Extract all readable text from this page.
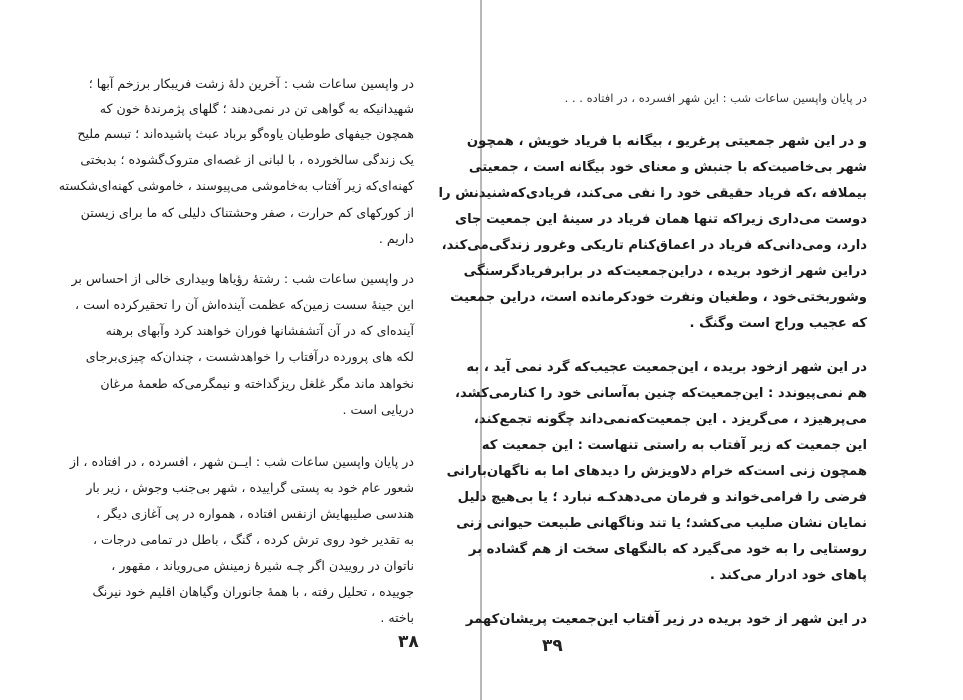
در واپسین ساعات شب : آخرین دلهٔ زشت فریبکار برزخم آبها ؛

شهیدانیکه به گواهی تن در نمی‌دهند ؛ گلهای پژمرندهٔ خون که

همچون جیفهای طوطیان یاوه‌گو برباد عبث پاشیده‌اند ؛ تبسم ملیح

یک زندگی سالخورده ، با لبانی از غصه‌ای متروک‌گشوده ؛ بدبختی

کهنه‌ای‌که زیر آفتاب به‌خاموشی می‌پیوسند ، خاموشی کهنه‌ای‌شکسته

از کورکهای کم حرارت ، صفر وحشتناک دلیلی که ما برای زیستن

داریم .

در واپسین ساعات شب : رشتهٔ رؤیاها وبیداری خالی از احساس بر

این جینهٔ سست زمین‌که عظمت آینده‌اش آن را تحقیرکرده است ،

آینده‌ای که در آن آتشفشانها فوران خواهند کرد وآبهای برهنه

لکه های پرورده درآفتاب را خواهدشست ، چندان‌که چیزی‌برجای

نخواهد ماند مگر غلغل ریزگداخته و نیمگرمی‌که طعمهٔ مرغان

دریایی است .

در پایان واپسین ساعات شب : ایــن شهر ، افسرده ، در افتاده ، از

شعور عام خود به پستی گراییده ، شهر بی‌جنب وجوش ، زیر بار

هندسی صلیبهایش ازنفس افتاده ، همواره در پی آغازی دیگر ،

به تقدیر خود روی ترش کرده ، گنگ ، باطل در تمامی درجات ،

ناتوان در روییدن اگر چـه شیرهٔ زمینش می‌رویاند ، مقهور ،

جوییده ، تحلیل رفته ، با همهٔ جانوران وگیاهان اقلیم خود نیرنگ

باخته .

۳۸

در پایان واپسین ساعات شب : این شهر افسرده ، در افتاده . . .

و در این شهر جمعیتی پرغریو ، بیگانه با فریاد خویش ، همچون

شهر بی‌خاصیت‌که با جنبش و معنای خود بیگانه است ، جمعیتی

بیملافه ،که فریاد حقیقی خود را نفی می‌کند، فریادی‌که‌شنیدنش را

دوست می‌داری زیراکه تنها همان فریاد در سینهٔ این جمعیت جای

دارد، ومی‌دانی‌که فریاد در اعماق‌کنام تاریکی وغرور زندگی‌می‌کند،

دراین شهر ازخود بریده ، دراین‌جمعیت‌که در برابرفریادگرسنگی

وشوربختی‌خود ، وطغیان ونفرت خودکرمانده است، دراین جمعیت

که عجیب وراج است وگنگ .

در این شهر ازخود بریده ، این‌جمعیت عجیب‌که گرد نمی آید ، به

هم نمی‌پیوندد : این‌جمعیت‌که چنین به‌آسانی خود را کنارمی‌کشد،

می‌پرهیزد ، می‌گریزد . این جمعیت‌که‌نمی‌داند چگونه تجمع‌کند،

این جمعیت که زیر آفتاب به راستی تنهاست : این جمعیت که

همچون زنی است‌که خرام دلاویزش را دیدهای اما به ناگهان‌بارانی

فرضی را فرامی‌خواند و فرمان می‌دهدکـه نبارد ؛ یا بی‌هیچ دلیل

نمایان نشان صلیب می‌کشد؛ یا تند وناگهانی طبیعت حیوانی زنی

روستایی را به خود می‌گیرد که بالنگهای سخت از هم گشاده بر

پاهای خود ادرار می‌کند .

در این شهر از خود بریده در زیر آفتاب این‌جمعیت پریشان‌کهمر

۳۹
